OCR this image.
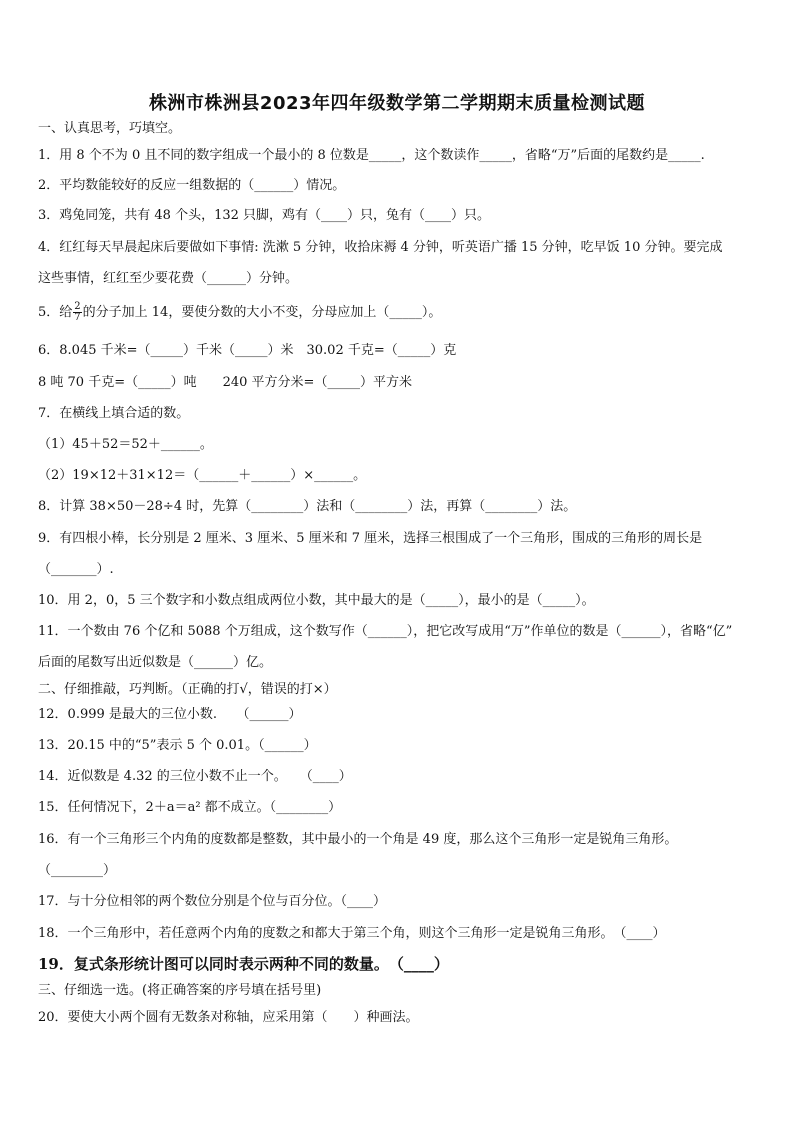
株洲市株洲县2023年四年级数学第二学期期末质量检测试题
一、认真思考，巧填空。
1．用 8 个不为 0 且不同的数字组成一个最小的 8 位数是_____，这个数读作_____，省略“万”后面的尾数约是_____.
2．平均数能较好的反应一组数据的（______）情况。
3．鸡兔同笼，共有 48 个头，132 只脚，鸡有（____）只，兔有（____）只。
4．红红每天早晨起床后要做如下事情: 洗漱 5 分钟，收拾床褥 4 分钟，听英语广播 15 分钟，吃早饭 10 分钟。要完成
这些事情，红红至少要花费（______）分钟。
5．给 $\frac{2}{7}$ 的分子加上 14，要使分数的大小不变，分母应加上（_____）。
6．8.045 千米=（_____）千米（_____）米　30.02 千克=（_____）克
8 吨 70 千克=（_____）吨　　240 平方分米=（_____）平方米
7．在横线上填合适的数。
（1）45＋52＝52＋______。
（2）19×12＋31×12＝（______＋______）×______。
8．计算 38×50－28÷4 时，先算（________）法和（________）法，再算（________）法。
9．有四根小棒，长分别是 2 厘米、3 厘米、5 厘米和 7 厘米，选择三根围成了一个三角形，围成的三角形的周长是
（_______）.
10．用 2，0，5 三个数字和小数点组成两位小数，其中最大的是（_____），最小的是（_____）。
11．一个数由 76 个亿和 5088 个万组成，这个数写作（______），把它改写成用“万”作单位的数是（______），省略“亿”
后面的尾数写出近似数是（______）亿。
二、仔细推敲，巧判断。（正确的打√，错误的打×）
12．0.999 是最大的三位小数.　　（______）
13．20.15 中的“5”表示 5 个 0.01。（______）
14．近似数是 4.32 的三位小数不止一个。　　（____）
15．任何情况下，2＋a＝a² 都不成立。（________）
16．有一个三角形三个内角的度数都是整数，其中最小的一个角是 49 度，那么这个三角形一定是锐角三角形。
（________）
17．与十分位相邻的两个数位分别是个位与百分位。（____）
18．一个三角形中，若任意两个内角的度数之和都大于第三个角，则这个三角形一定是锐角三角形。　（____）
19．复式条形统计图可以同时表示两种不同的数量。　（____）
三、仔细选一选。(将正确答案的序号填在括号里)
20．要使大小两个圆有无数条对称轴，应采用第（　　）种画法。
